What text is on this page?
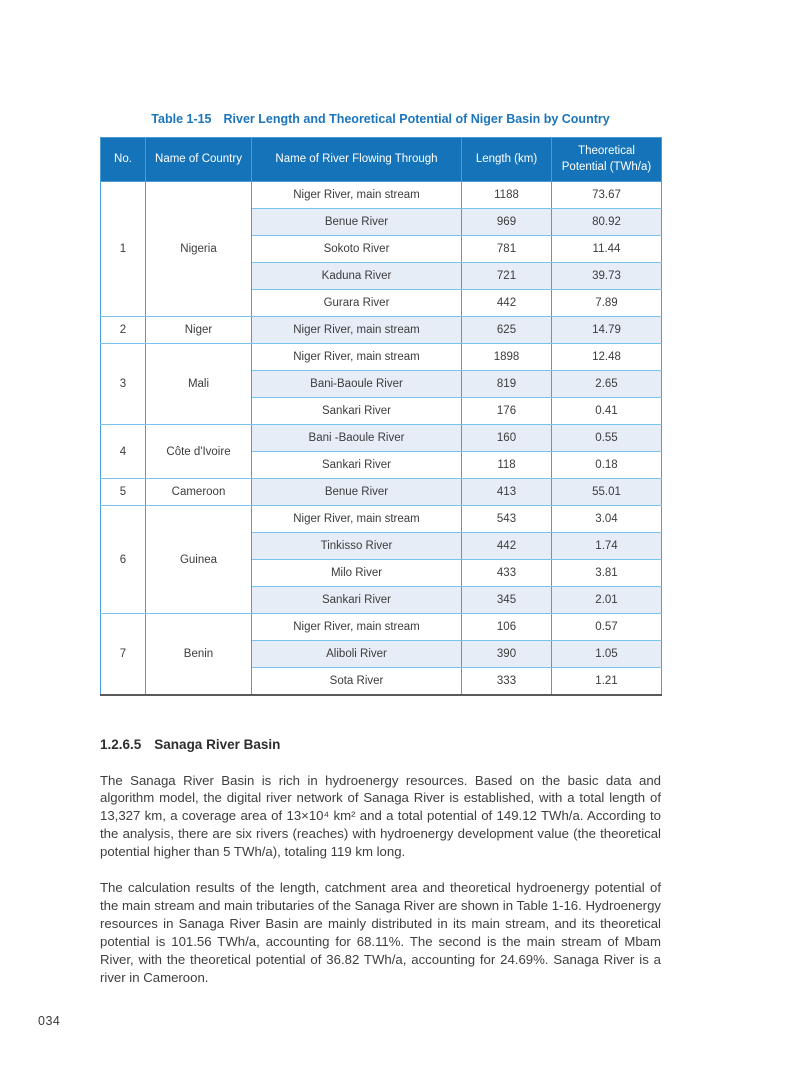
Table 1-15 River Length and Theoretical Potential of Niger Basin by Country
No.	Name of Country	Name of River Flowing Through	Length (km)	Theoretical Potential (TWh/a)
1	Nigeria	Niger River, main stream	1188	73.67
		Benue River	969	80.92
		Sokoto River	781	11.44
		Kaduna River	721	39.73
		Gurara River	442	7.89
2	Niger	Niger River, main stream	625	14.79
3	Mali	Niger River, main stream	1898	12.48
		Bani-Baoule River	819	2.65
		Sankari River	176	0.41
4	Côte d'Ivoire	Bani -Baoule River	160	0.55
		Sankari River	118	0.18
5	Cameroon	Benue River	413	55.01
6	Guinea	Niger River, main stream	543	3.04
		Tinkisso River	442	1.74
		Milo River	433	3.81
		Sankari River	345	2.01
7	Benin	Niger River, main stream	106	0.57
		Aliboli River	390	1.05
		Sota River	333	1.21
1.2.6.5 Sanaga River Basin

The Sanaga River Basin is rich in hydroenergy resources. Based on the basic data and algorithm model, the digital river network of Sanaga River is established, with a total length of 13,327 km, a coverage area of 13×10⁴ km² and a total potential of 149.12 TWh/a. According to the analysis, there are six rivers (reaches) with hydroenergy development value (the theoretical potential higher than 5 TWh/a), totaling 119 km long.

The calculation results of the length, catchment area and theoretical hydroenergy potential of the main stream and main tributaries of the Sanaga River are shown in Table 1-16. Hydroenergy resources in Sanaga River Basin are mainly distributed in its main stream, and its theoretical potential is 101.56 TWh/a, accounting for 68.11%. The second is the main stream of Mbam River, with the theoretical potential of 36.82 TWh/a, accounting for 24.69%. Sanaga River is a river in Cameroon.

034
